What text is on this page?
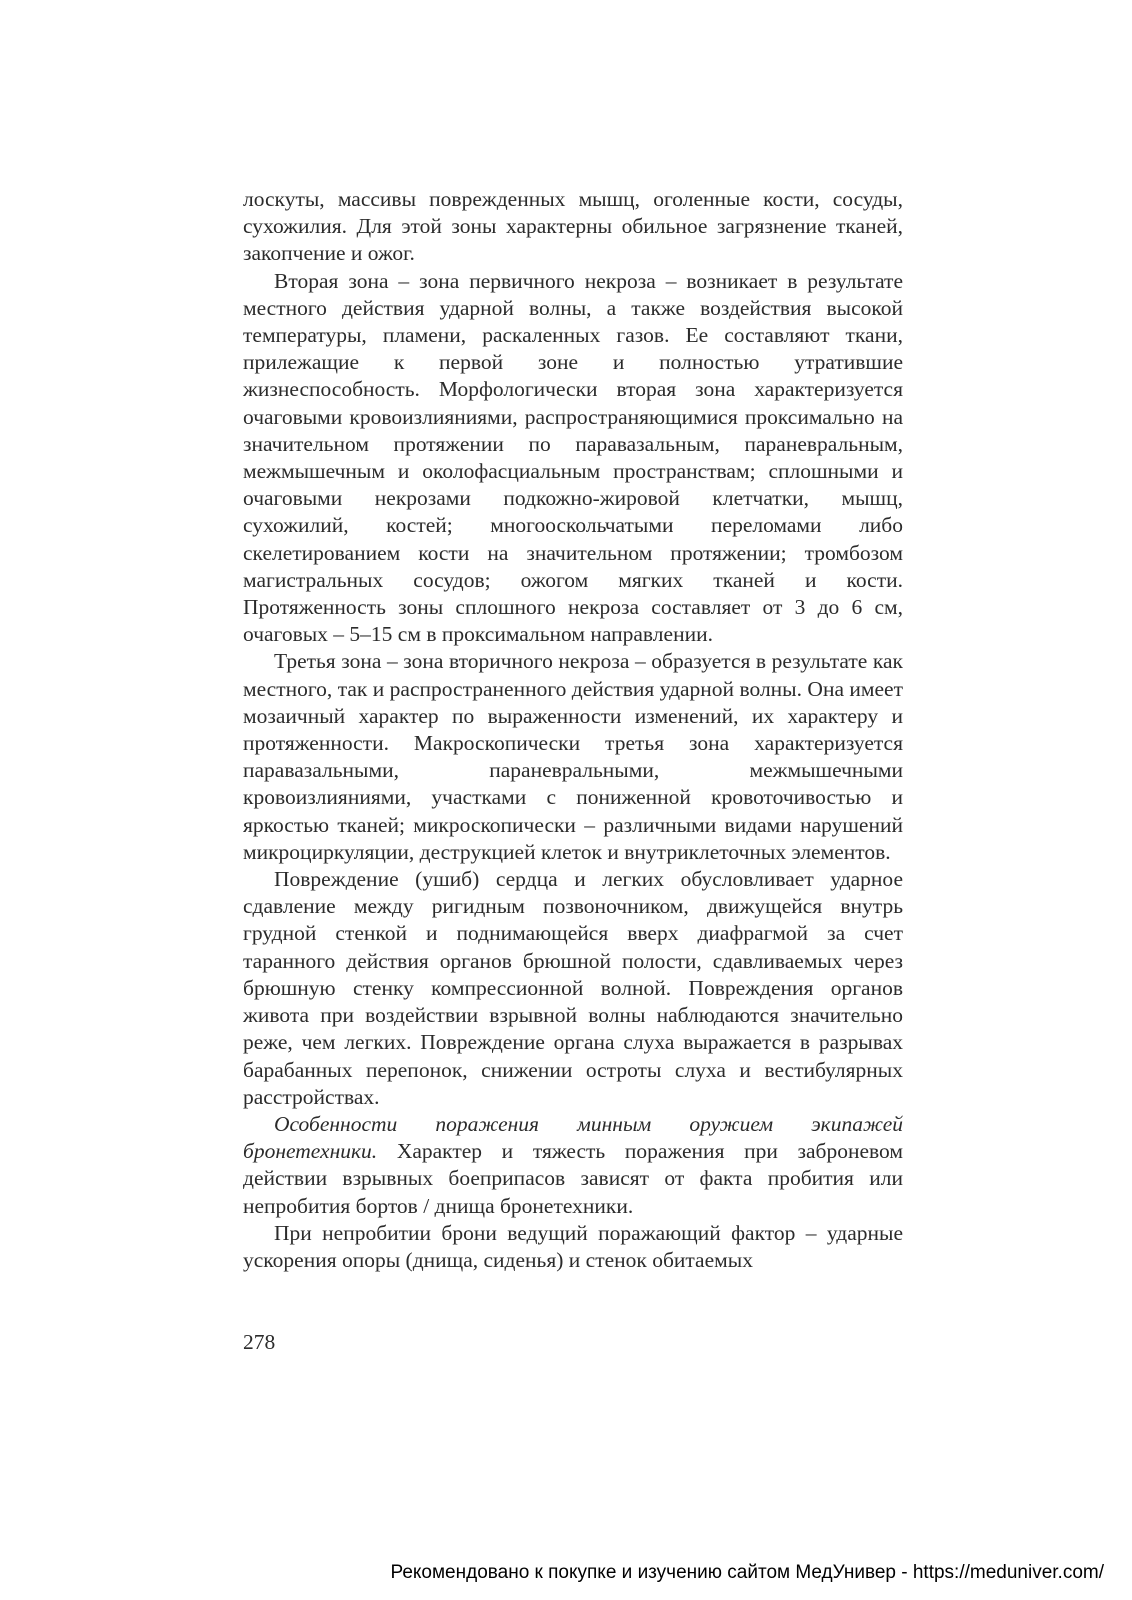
лоскуты, массивы поврежденных мышц, оголенные кости, сосуды, сухожилия. Для этой зоны характерны обильное загрязнение тканей, закопчение и ожог.

Вторая зона – зона первичного некроза – возникает в результате местного действия ударной волны, а также воздействия высокой температуры, пламени, раскаленных газов. Ее составляют ткани, прилежащие к первой зоне и полностью утратившие жизнеспособность. Морфологически вторая зона характеризуется очаговыми кровоизлияниями, распространяющимися проксимально на значительном протяжении по паравазальным, параневральным, межмышечным и околофасциальным пространствам; сплошными и очаговыми некрозами подкожно-жировой клетчатки, мышц, сухожилий, костей; многооскольчатыми переломами либо скелетированием кости на значительном протяжении; тромбозом магистральных сосудов; ожогом мягких тканей и кости. Протяженность зоны сплошного некроза составляет от 3 до 6 см, очаговых – 5–15 см в проксимальном направлении.

Третья зона – зона вторичного некроза – образуется в результате как местного, так и распространенного действия ударной волны. Она имеет мозаичный характер по выраженности изменений, их характеру и протяженности. Макроскопически третья зона характеризуется паравазальными, параневральными, межмышечными кровоизлияниями, участками с пониженной кровоточивостью и яркостью тканей; микроскопически – различными видами нарушений микроциркуляции, деструкцией клеток и внутриклеточных элементов.

Повреждение (ушиб) сердца и легких обусловливает ударное сдавление между ригидным позвоночником, движущейся внутрь грудной стенкой и поднимающейся вверх диафрагмой за счет таранного действия органов брюшной полости, сдавливаемых через брюшную стенку компрессионной волной. Повреждения органов живота при воздействии взрывной волны наблюдаются значительно реже, чем легких. Повреждение органа слуха выражается в разрывах барабанных перепонок, снижении остроты слуха и вестибулярных расстройствах.

Особенности поражения минным оружием экипажей бронетехники. Характер и тяжесть поражения при заброневом действии взрывных боеприпасов зависят от факта пробития или непробития бортов / днища бронетехники.

При непробитии брони ведущий поражающий фактор – ударные ускорения опоры (днища, сиденья) и стенок обитаемых

278
Рекомендовано к покупке и изучению сайтом МедУнивер - https://meduniver.com/
